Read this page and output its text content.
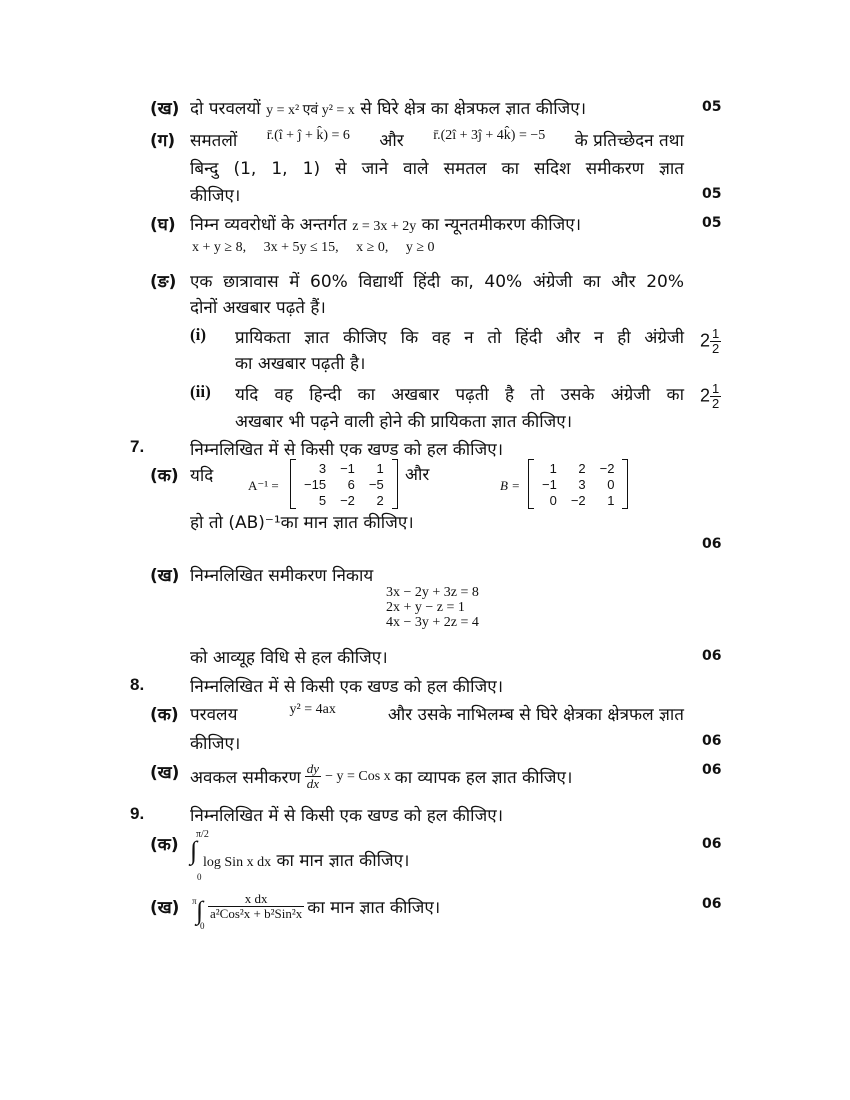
(ख) दो परवलयों y = x² एवं y² = x से घिरे क्षेत्र का क्षेत्रफल ज्ञात कीजिए।	05
(ग) समतलों r̄.(î + ĵ + k̂) = 6 और r̄.(2î + 3ĵ + 4k̂) = −5 के प्रतिच्छेदन तथा
बिन्दु (1, 1, 1) से जाने वाले समतल का सदिश समीकरण ज्ञात
कीजिए।	05
(घ) निम्न व्यवरोधों के अन्तर्गत z = 3x + 2y का न्यूनतमीकरण कीजिए।	05
x + y ≥ 8,     3x + 5y ≤ 15,     x ≥ 0,     y ≥ 0
(ङ) एक छात्रावास में 60% विद्यार्थी हिंदी का, 40% अंग्रेजी का और 20%
दोनों अखबार पढ़ते हैं।
(i) प्रायिकता ज्ञात कीजिए कि वह न तो हिंदी और न ही अंग्रेजी
का अखबार पढ़ती है।
$2 \frac{1}{2}$
(ii) यदि वह हिन्दी का अखबार पढ़ती है तो उसके अंग्रेजी का
अखबार भी पढ़ने वाली होने की प्रायिकता ज्ञात कीजिए।
$2 \frac{1}{2}$
7.	निम्नलिखित में से किसी एक खण्ड को हल कीजिए।
(क) यदि	A⁻¹ =
3	−1	1
−15	6	−5
5	−2	2
और
B =
1	2	−2
−1	3	0
0	−2	1
हो तो (AB)⁻¹का मान ज्ञात कीजिए।
06
(ख) निम्नलिखित समीकरण निकाय
3x − 2y + 3z = 8
2x + y − z = 1
4x − 3y + 2z = 4
को आव्यूह विधि से हल कीजिए।	06
8.	निम्नलिखित में से किसी एक खण्ड को हल कीजिए।
(क) परवलय	y² = 4ax	और उसके नाभिलम्ब से घिरे क्षेत्रका क्षेत्रफल ज्ञात
कीजिए।	06
(ख) अवकल समीकरण $\frac{dy}{dx} - y$ = Cos x का व्यापक हल ज्ञात कीजिए।	06
9.	निम्नलिखित में से किसी एक खण्ड को हल कीजिए।
(क)
π/2
∫
0
log Sin x dx का मान ज्ञात कीजिए।
06
(ख) π ∫
0
$\frac{\text{x dx}}{\text{a²Cos²x + b²Sin²x}}$ का मान ज्ञात कीजिए।	06
